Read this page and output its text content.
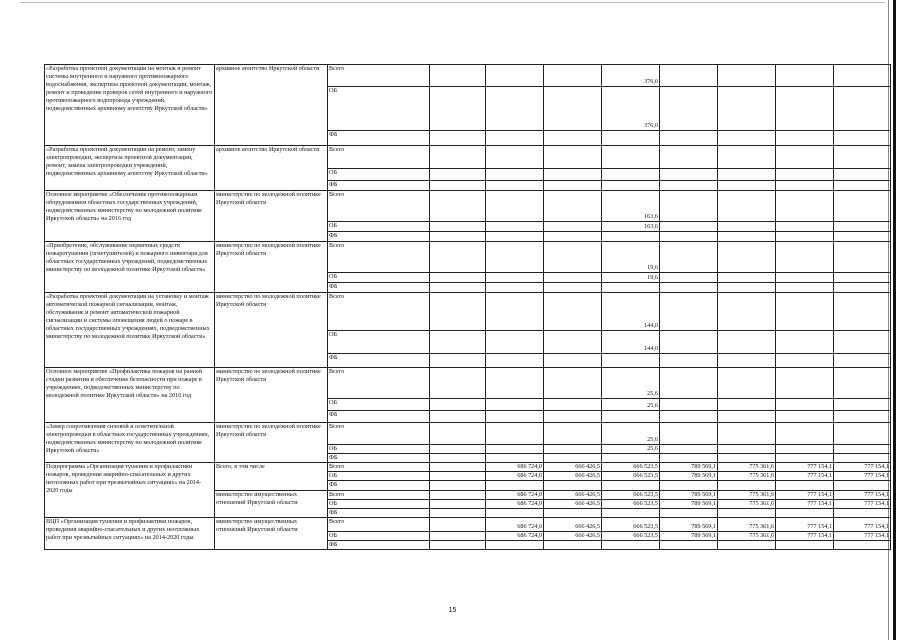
«Разработка проектной документации на монтаж и ремонт системы внутреннего и наружного противопожарного водоснабжения, экспертиза проектной документации, монтаж, ремонт и проведение проверок сетей внутреннего и наружного противопожарного водопровода учреждений, подведомственных архивному агентству Иркутской области»	архивное агентство Иркутской области	Всего				376,0				
		ОБ				376,0				
		ФБ								
«Разработка проектной документации на ремонт, замену электропроводки, экспертиза проектной документации, ремонт, замена электропроводки учреждений, подведомственных архивному агентству Иркутской области»	архивное агентство Иркутской области	Всего								
		ОБ								
		ФБ								
Основное мероприятие «Обеспечение противопожарным оборудованием областных государственных учреждений, подведомственных министерству по молодежной политике Иркутской области» на 2016 год	министерство по молодежной политике Иркутской области	Всего				163,6				
		ОБ				163,6				
		ФБ								
«Приобретение, обслуживание первичных средств пожаротушения (огнетушителей) и пожарного инвентаря для областных государственных учреждений, подведомственных министерству по молодежной политике Иркутской области»	министерство по молодежной политике Иркутской области	Всего				19,6				
		ОБ				19,6				
		ФБ								
«Разработка проектной документации на установку и монтаж автоматической пожарной сигнализации, монтаж, обслуживание и ремонт автоматической пожарной сигнализации и системы оповещения людей о пожаре в областных государственных учреждениях, подведомственных министерству по молодежной политике Иркутской области»	министерство по молодежной политике Иркутской области	Всего				144,0				
		ОБ				144,0				
		ФБ								
Основное мероприятие «Профилактика пожаров на ранней стадии развития и обеспечение безопасности при пожаре в учреждениях, подведомственных министерству по молодежной политике Иркутской области» на 2016 год	министерство по молодежной политике Иркутской области	Всего				25,6				
		ОБ				25,6				
		ФБ								
«Замер сопротивления силовой и осветительной электропроводки в областных государственных учреждениях, подведомственных министерству по молодежной политике Иркутской области»	министерство по молодежной политике Иркутской области	Всего				25,6				
		ОБ				25,6				
		ФБ								
Подпрограмма «Организация тушения и профилактики пожаров, проведение аварийно-спасательных и других неотложных работ при чрезвычайных ситуациях» на 2014-2020 годы	Всего, в том числе	Всего		686 724,0	666 426,5	666 523,5	789 569,1	775 361,6	777 154,1	777 154,1
		ОБ		686 724,0	666 426,5	666 523,5	789 569,1	775 361,6	777 154,1	777 154,1
		ФБ								
	министерство имущественных отношений Иркутской области	Всего		686 724,0	666 426,5	666 523,5	789 569,1	775 361,6	777 154,1	777 154,1
		ОБ		686 724,0	666 426,5	666 523,5	789 569,1	775 361,6	777 154,1	777 154,1
		ФБ								
ВЦП «Организация тушения и профилактики пожаров, проведения аварийно-спасательных и других неотложных работ при чрезвычайных ситуациях» на 2014-2020 годы	министерство имущественных отношений Иркутской области	Всего		686 724,0	666 426,5	666 523,5	789 569,1	775 361,6	777 154,1	777 154,1
		ОБ		686 724,0	666 426,5	666 523,5	789 569,1	775 361,6	777 154,1	777 154,1
		ФБ								
15
